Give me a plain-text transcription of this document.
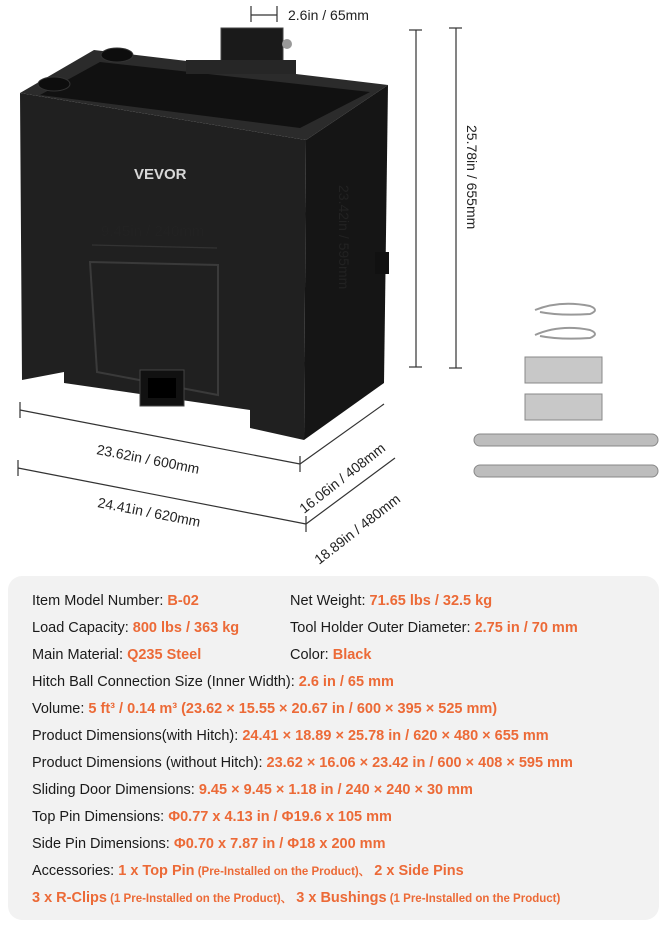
VEVOR
2.6in / 65mm
9.45in / 240mm	23.42in / 595mm
25.78in / 655mm
23.62in / 600mm	16.06in / 408mm
24.41in / 620mm	18.89in / 480mm
Item Model Number: B-02	Net Weight: 71.65 lbs / 32.5 kg
Load Capacity: 800 lbs / 363 kg	Tool Holder Outer Diameter: 2.75 in / 70 mm
Main Material: Q235 Steel	Color: Black
Hitch Ball Connection Size (Inner Width): 2.6 in / 65 mm
Volume: 5 ft³ / 0.14 m³ (23.62 × 15.55 × 20.67 in / 600 × 395 × 525 mm)
Product Dimensions(with Hitch): 24.41 × 18.89 × 25.78 in / 620 × 480 × 655 mm
Product Dimensions (without Hitch): 23.62 × 16.06 × 23.42 in / 600 × 408 × 595 mm
Sliding Door Dimensions: 9.45 × 9.45 × 1.18 in / 240 × 240 × 30 mm
Top Pin Dimensions: Φ0.77 x 4.13 in / Φ19.6 x 105 mm
Side Pin Dimensions: Φ0.70 x 7.87 in / Φ18 x 200 mm
Accessories: 1 x Top Pin (Pre-Installed on the Product)、 2 x Side Pins
3 x R-Clips (1 Pre-Installed on the Product)、 3 x Bushings (1 Pre-Installed on the Product)
